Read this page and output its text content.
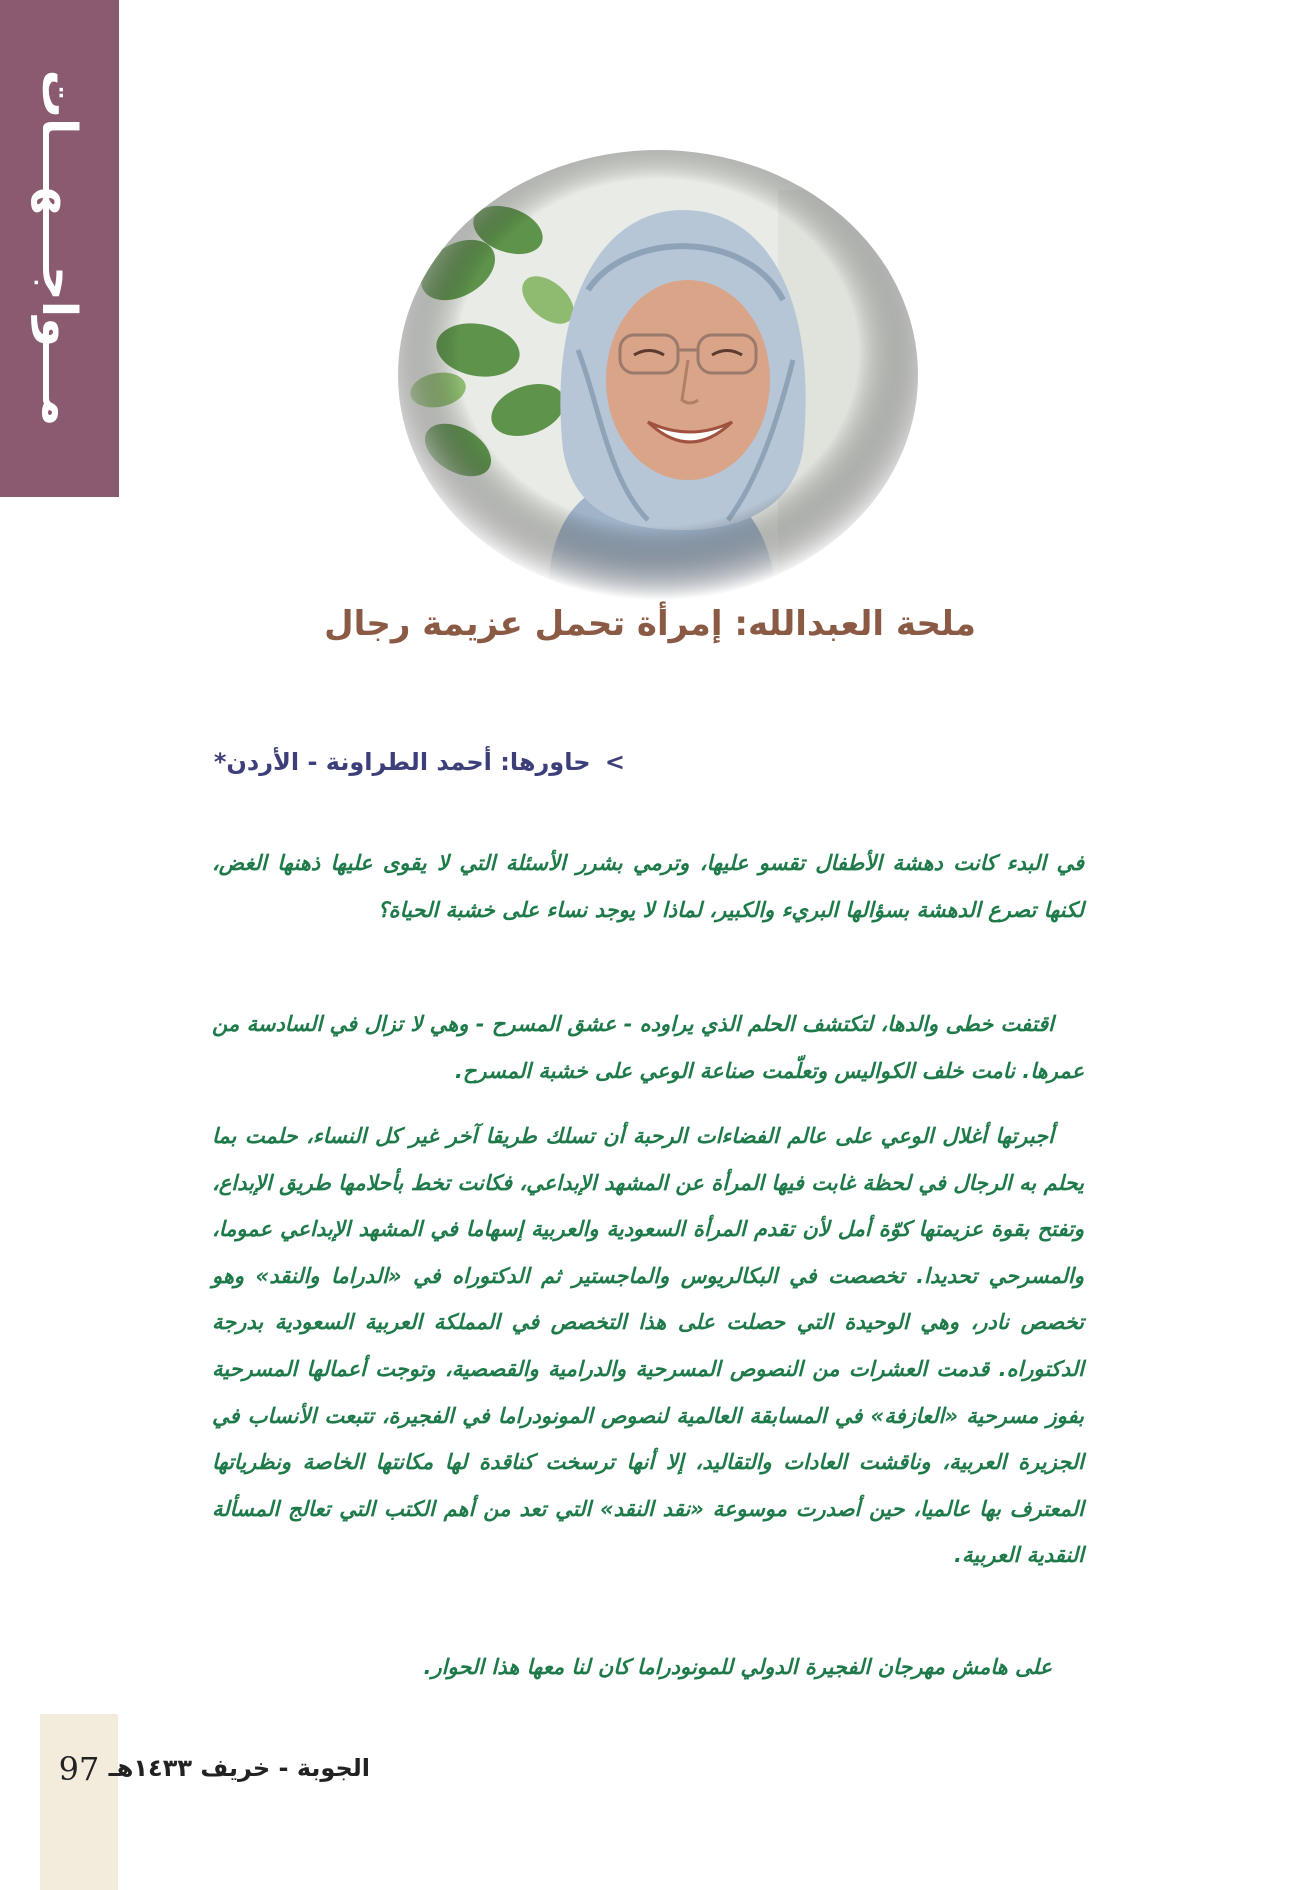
مـــواجـــهـــات
ملحة العبدالله: إمرأة تحمل عزيمة رجال
> حاورها: أحمد الطراونة - الأردن*
في البدء كانت دهشة الأطفال تقسو عليها، وترمي بشرر الأسئلة التي لا يقوى عليها ذهنها الغض، لكنها تصرع الدهشة بسؤالها البريء والكبير، لماذا لا يوجد نساء على خشبة الحياة؟
اقتفت خطى والدها، لتكتشف الحلم الذي يراوده - عشق المسرح - وهي لا تزال في السادسة من عمرها. نامت خلف الكواليس وتعلّمت صناعة الوعي على خشبة المسرح.
أجبرتها أغلال الوعي على عالم الفضاءات الرحبة أن تسلك طريقا آخر غير كل النساء، حلمت بما يحلم به الرجال في لحظة غابت فيها المرأة عن المشهد الإبداعي، فكانت تخط بأحلامها طريق الإبداع، وتفتح بقوة عزيمتها كوّة أمل لأن تقدم المرأة السعودية والعربية إسهاما في المشهد الإبداعي عموما، والمسرحي تحديدا. تخصصت في البكالريوس والماجستير ثم الدكتوراه في «الدراما والنقد» وهو تخصص نادر، وهي الوحيدة التي حصلت على هذا التخصص في المملكة العربية السعودية بدرجة الدكتوراه. قدمت العشرات من النصوص المسرحية والدرامية والقصصية، وتوجت أعمالها المسرحية بفوز مسرحية «العازفة» في المسابقة العالمية لنصوص المونودراما في الفجيرة، تتبعت الأنساب في الجزيرة العربية، وناقشت العادات والتقاليد، إلا أنها ترسخت كناقدة لها مكانتها الخاصة ونظرياتها المعترف بها عالميا، حين أصدرت موسوعة «نقد النقد» التي تعد من أهم الكتب التي تعالج المسألة النقدية العربية.
على هامش مهرجان الفجيرة الدولي للمونودراما كان لنا معها هذا الحوار.
97 الجوبة - خريف ١٤٣٣هـ
